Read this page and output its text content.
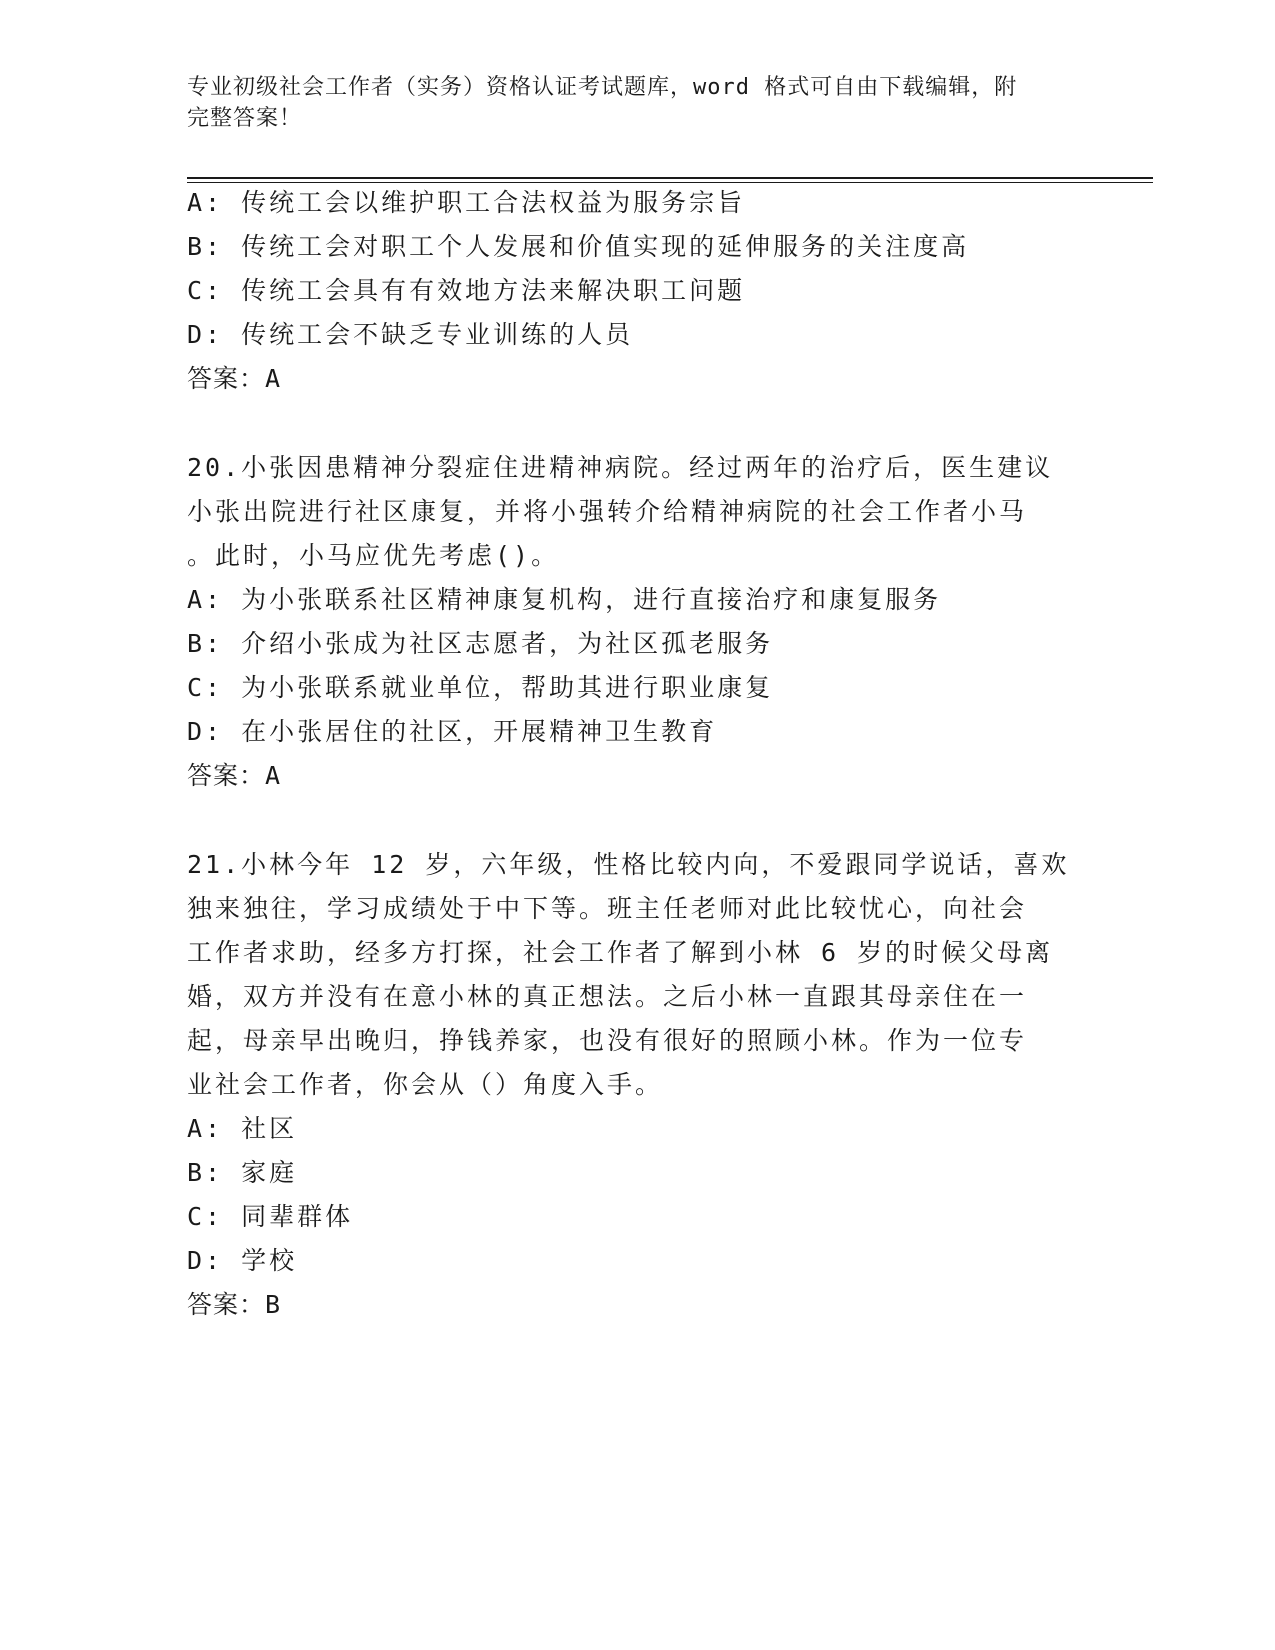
专业初级社会工作者（实务）资格认证考试题库，word 格式可自由下载编辑，附
完整答案！
A: 传统工会以维护职工合法权益为服务宗旨
B: 传统工会对职工个人发展和价值实现的延伸服务的关注度高
C: 传统工会具有有效地方法来解决职工问题
D: 传统工会不缺乏专业训练的人员
答案：A
20.小张因患精神分裂症住进精神病院。经过两年的治疗后，医生建议
小张出院进行社区康复，并将小强转介给精神病院的社会工作者小马
。此时，小马应优先考虑()。
A: 为小张联系社区精神康复机构，进行直接治疗和康复服务
B: 介绍小张成为社区志愿者，为社区孤老服务
C: 为小张联系就业单位，帮助其进行职业康复
D: 在小张居住的社区，开展精神卫生教育
答案：A
21.小林今年 12 岁，六年级，性格比较内向，不爱跟同学说话，喜欢
独来独往，学习成绩处于中下等。班主任老师对此比较忧心，向社会
工作者求助，经多方打探，社会工作者了解到小林 6 岁的时候父母离
婚，双方并没有在意小林的真正想法。之后小林一直跟其母亲住在一
起，母亲早出晚归，挣钱养家，也没有很好的照顾小林。作为一位专
业社会工作者，你会从（）角度入手。
A: 社区
B: 家庭
C: 同辈群体
D: 学校
答案：B
